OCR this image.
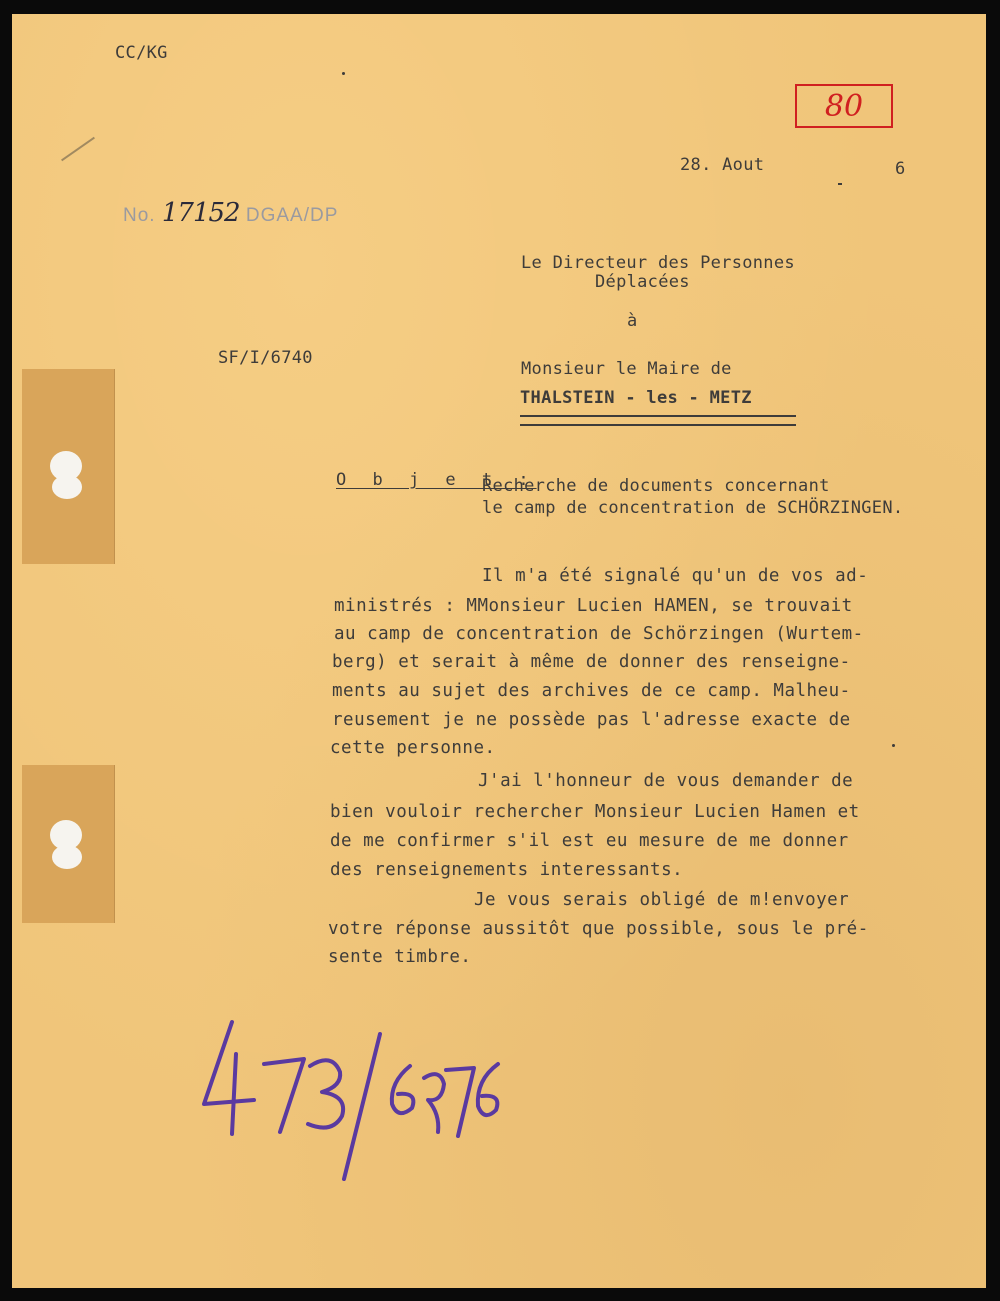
CC/KG
80
28. Aout	6
No. 17152 DGAA/DP
SF/I/6740
Le Directeur des Personnes
Déplacées
à
Monsieur le Maire de
THALSTEIN - les - METZ
O b j e t :
Recherche de documents concernant
le camp de concentration de SCHÖRZINGEN.
Il m'a été signalé qu'un de vos ad-
ministrés : MMonsieur Lucien HAMEN, se trouvait
au camp de concentration de Schörzingen (Wurtem-
berg) et serait à même de donner des renseigne-
ments au sujet des archives de ce camp. Malheu-
reusement je ne possède pas l'adresse exacte de
cette personne.
J'ai l'honneur de vous demander de
bien vouloir rechercher Monsieur Lucien Hamen et
de me confirmer s'il est eu mesure de me donner
des renseignements interessants.
Je vous serais obligé de m!envoyer
votre réponse aussitôt que possible, sous le pré-
sente timbre.
473/6976
